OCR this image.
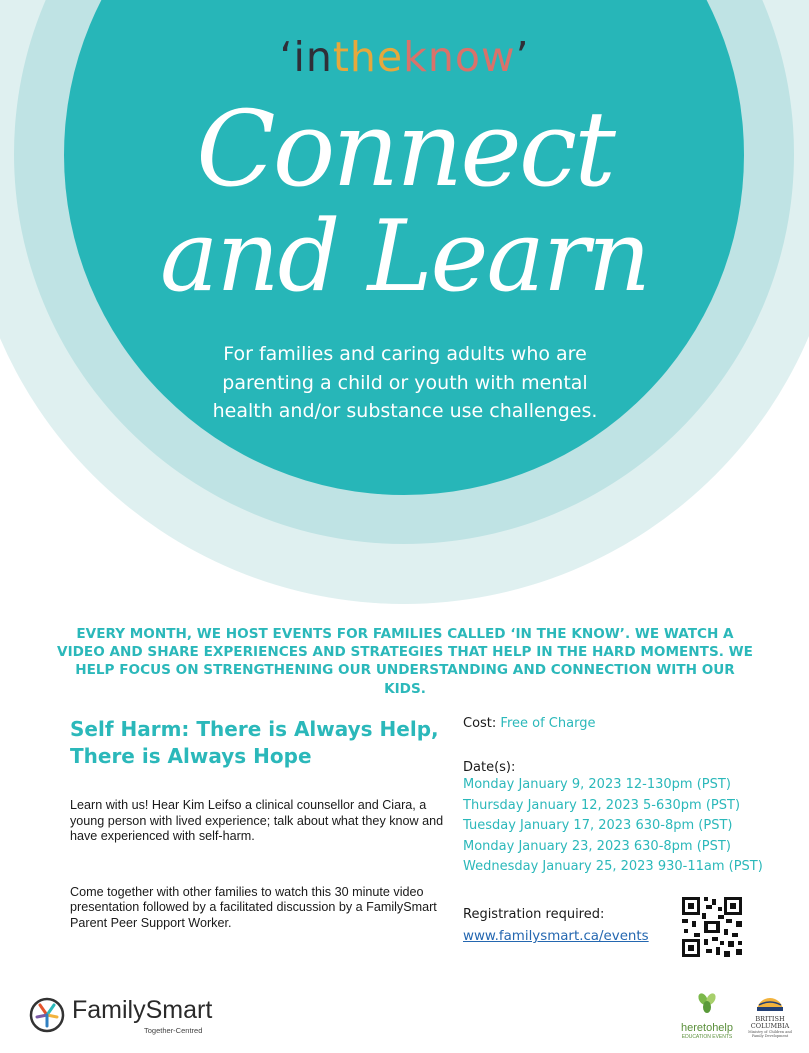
‘intheknow’
Connect
and Learn
For families and caring adults who are parenting a child or youth with mental health and/or substance use challenges.
EVERY MONTH, WE HOST EVENTS FOR FAMILIES CALLED ‘IN THE KNOW’. WE WATCH A VIDEO AND SHARE EXPERIENCES AND STRATEGIES THAT HELP IN THE HARD MOMENTS. WE HELP FOCUS ON STRENGTHENING OUR UNDERSTANDING AND CONNECTION WITH OUR KIDS.
Self Harm: There is Always Help,
There is Always Hope

Learn with us! Hear Kim Leifso a clinical counsellor and Ciara, a young person with lived experience; talk about what they know and have experienced with self-harm.

Come together with other families to watch this 30 minute video presentation followed by a facilitated discussion by a FamilySmart Parent Peer Support Worker.

Cost: Free of Charge
Date(s):
Monday January 9, 2023 12-130pm (PST)
Thursday January 12, 2023 5-630pm (PST)
Tuesday January 17, 2023 630-8pm (PST)
Monday January 23, 2023 630-8pm (PST)
Wednesday January 25, 2023 930-11am (PST)
Registration required:
www.familysmart.ca/events
FamilySmart
Together-Centred	heretohelp
EDUCATION EVENTS
BRITISH
COLUMBIA
Ministry of Children and Family Development
